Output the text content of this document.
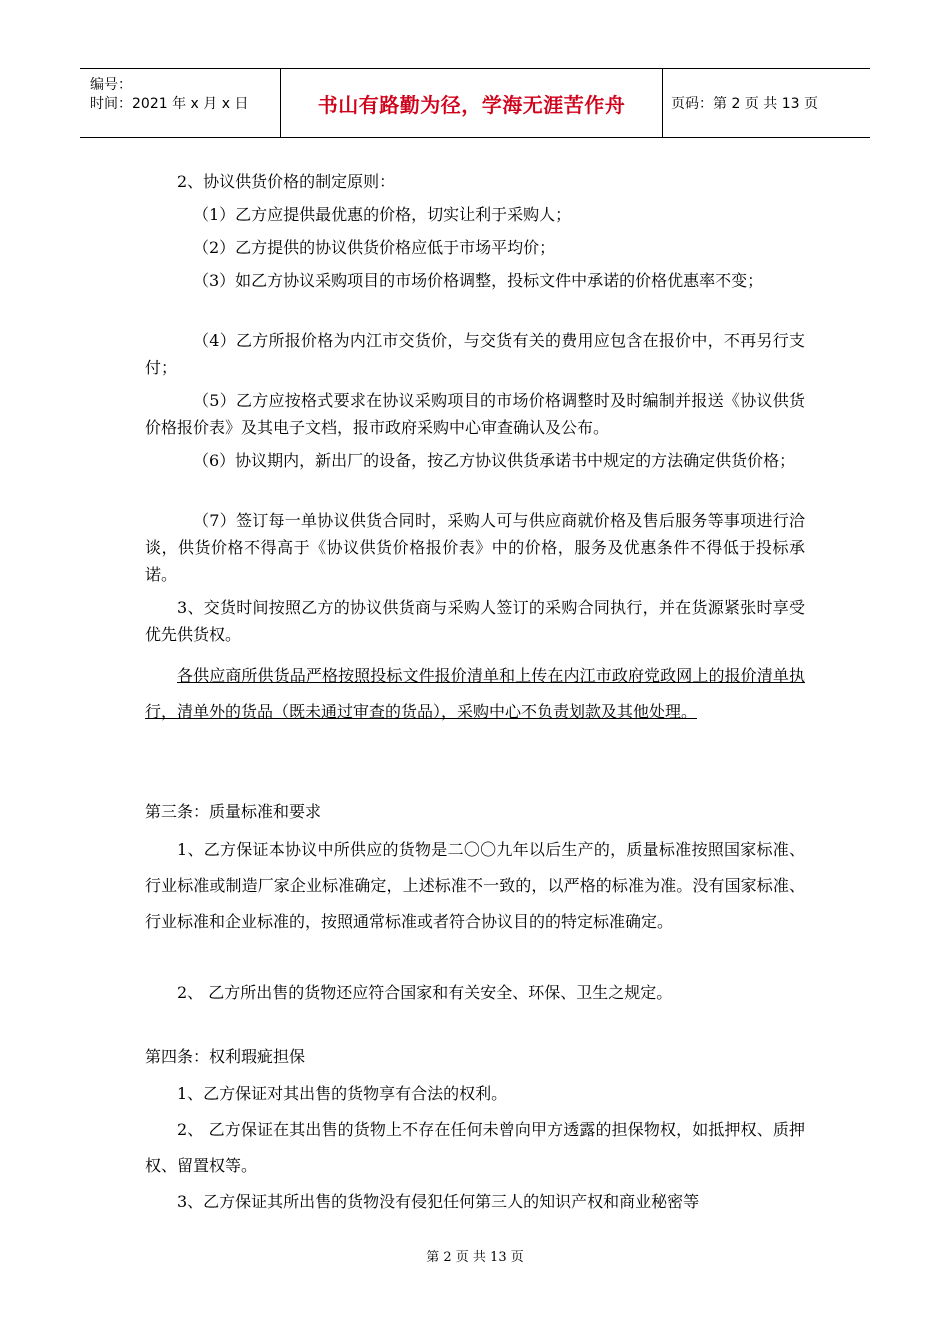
编号：
时间：2021 年 x 月 x 日	书山有路勤为径，学海无涯苦作舟	页码：第 2 页 共 13 页

2、协议供货价格的制定原则：

（1）乙方应提供最优惠的价格，切实让利于采购人；

（2）乙方提供的协议供货价格应低于市场平均价；

（3）如乙方协议采购项目的市场价格调整，投标文件中承诺的价格优惠率不变；

（4）乙方所报价格为内江市交货价，与交货有关的费用应包含在报价中，不再另行支付；

（5）乙方应按格式要求在协议采购项目的市场价格调整时及时编制并报送《协议供货价格报价表》及其电子文档，报市政府采购中心审查确认及公布。

（6）协议期内，新出厂的设备，按乙方协议供货承诺书中规定的方法确定供货价格；

（7）签订每一单协议供货合同时，采购人可与供应商就价格及售后服务等事项进行洽谈，供货价格不得高于《协议供货价格报价表》中的价格，服务及优惠条件不得低于投标承诺。

3、交货时间按照乙方的协议供货商与采购人签订的采购合同执行，并在货源紧张时享受优先供货权。

各供应商所供货品严格按照投标文件报价清单和上传在内江市政府党政网上的报价清单执行，清单外的货品（既未通过审查的货品），采购中心不负责划款及其他处理。

第三条：质量标准和要求

1、乙方保证本协议中所供应的货物是二〇〇九年以后生产的，质量标准按照国家标准、行业标准或制造厂家企业标准确定，上述标准不一致的，以严格的标准为准。没有国家标准、行业标准和企业标准的，按照通常标准或者符合协议目的的特定标准确定。

2、 乙方所出售的货物还应符合国家和有关安全、环保、卫生之规定。

第四条：权利瑕疵担保

1、乙方保证对其出售的货物享有合法的权利。

2、 乙方保证在其出售的货物上不存在任何未曾向甲方透露的担保物权，如抵押权、质押权、留置权等。

3、乙方保证其所出售的货物没有侵犯任何第三人的知识产权和商业秘密等

第 2 页 共 13 页
